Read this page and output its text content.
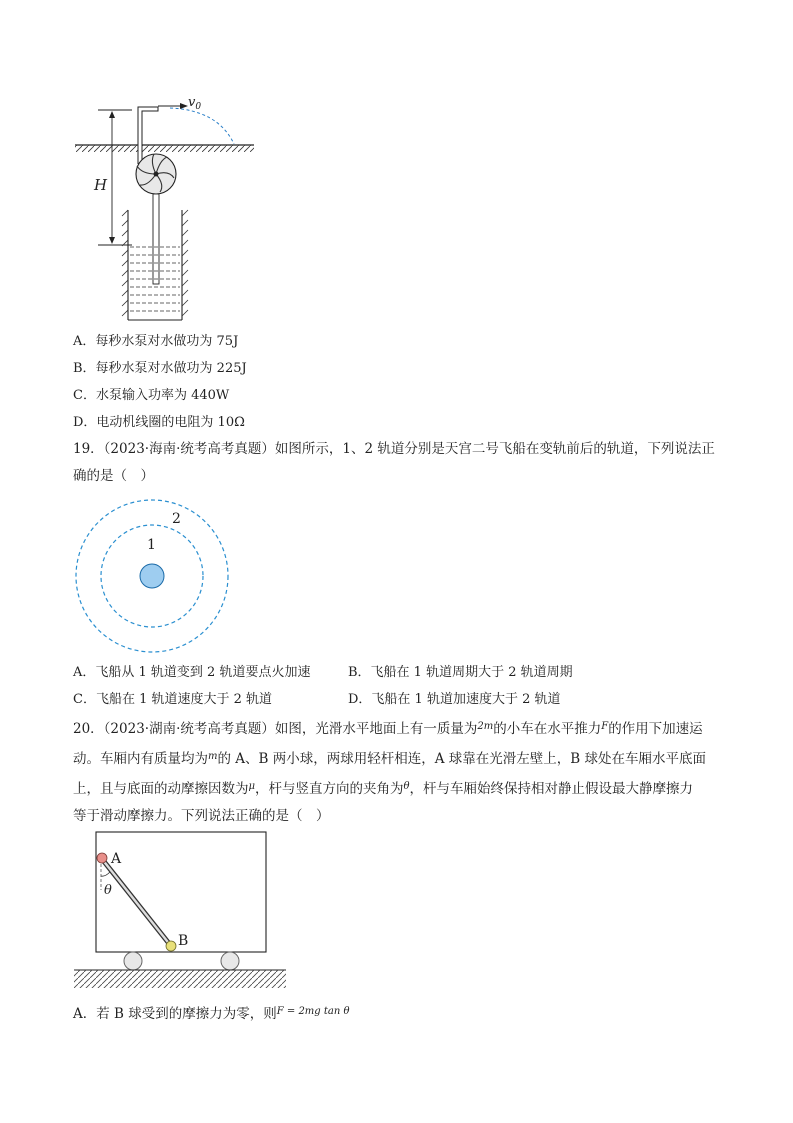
H
$v_0$
A．每秒水泵对水做功为 75J
B．每秒水泵对水做功为 225J
C．水泵输入功率为 440W
D．电动机线圈的电阻为 10Ω
19．（2023·海南·统考高考真题）如图所示，1、2 轨道分别是天宫二号飞船在变轨前后的轨道，下列说法正
确的是（　）
1
2
A．飞船从 1 轨道变到 2 轨道要点火加速	B．飞船在 1 轨道周期大于 2 轨道周期
C．飞船在 1 轨道速度大于 2 轨道	D．飞船在 1 轨道加速度大于 2 轨道
20．（2023·湖南·统考高考真题）如图，光滑水平地面上有一质量为$^{2m}$的小车在水平推力$^F$的作用下加速运
动。车厢内有质量均为$^m$的 A、B 两小球，两球用轻杆相连，A 球靠在光滑左壁上，B 球处在车厢水平底面
上，且与底面的动摩擦因数为$^\mu$，杆与竖直方向的夹角为$^\theta$，杆与车厢始终保持相对静止假设最大静摩擦力
等于滑动摩擦力。下列说法正确的是（　）
θ
A
B
A．若 B 球受到的摩擦力为零，则$^{F = 2mg tan \theta}$
